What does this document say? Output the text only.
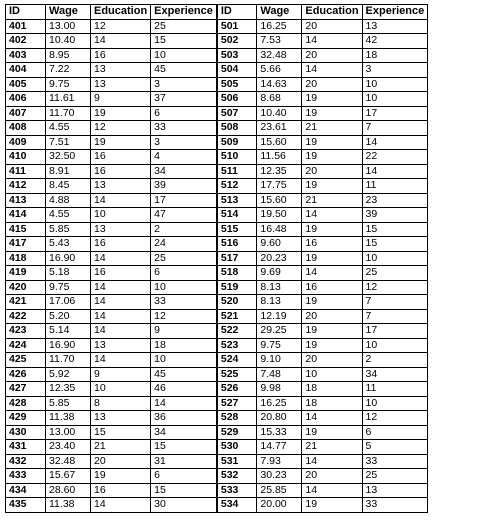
ID	Wage	Education	Experience	ID	Wage	Education	Experience
401	13.00	12	25	501	16.25	20	13
402	10.40	14	15	502	7.53	14	42
403	8.95	16	10	503	32.48	20	18
404	7.22	13	45	504	5.66	14	3
405	9.75	13	3	505	14.63	20	10
406	11.61	9	37	506	8.68	19	10
407	11.70	19	6	507	10.40	19	17
408	4.55	12	33	508	23.61	21	7
409	7.51	19	3	509	15.60	19	14
410	32.50	16	4	510	11.56	19	22
411	8.91	16	34	511	12.35	20	14
412	8.45	13	39	512	17.75	19	11
413	4.88	14	17	513	15.60	21	23
414	4.55	10	47	514	19.50	14	39
415	5.85	13	2	515	16.48	19	15
417	5.43	16	24	516	9.60	16	15
418	16.90	14	25	517	20.23	19	10
419	5.18	16	6	518	9.69	14	25
420	9.75	14	10	519	8.13	16	12
421	17.06	14	33	520	8.13	19	7
422	5.20	14	12	521	12.19	20	7
423	5.14	14	9	522	29.25	19	17
424	16.90	13	18	523	9.75	19	10
425	11.70	14	10	524	9.10	20	2
426	5.92	9	45	525	7.48	10	34
427	12.35	10	46	526	9.98	18	11
428	5.85	8	14	527	16.25	18	10
429	11.38	13	36	528	20.80	14	12
430	13.00	15	34	529	15.33	19	6
431	23.40	21	15	530	14.77	21	5
432	32.48	20	31	531	7.93	14	33
433	15.67	19	6	532	30.23	20	25
434	28.60	16	15	533	25.85	14	13
435	11.38	14	30	534	20.00	19	33
